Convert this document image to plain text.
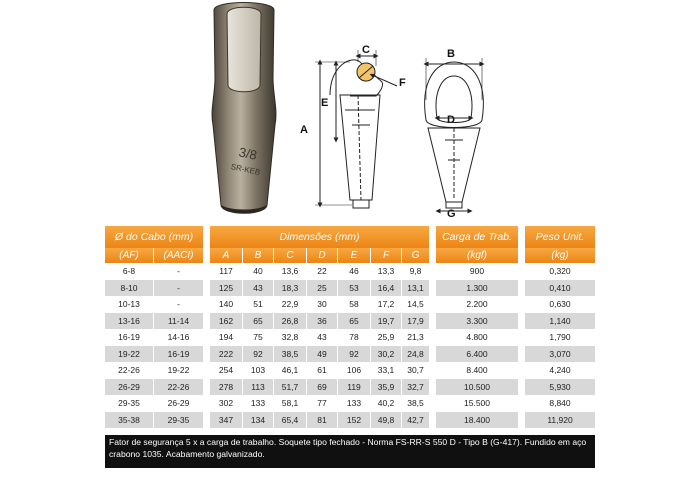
3/8
SR-KEB
A
E
C
F
B
D
G
Ø do Cabo (mm)			Dimensões (mm)								Carga de Trab.		Peso Unit.
(AF)	(AACI)		A	B	C	D	E	F	G		(kgf)		(kg)
6-8	-		117	40	13,6	22	46	13,3	9,8		900		0,320
8-10	-		125	43	18,3	25	53	16,4	13,1		1.300		0,410
10-13	-		140	51	22,9	30	58	17,2	14,5		2.200		0,630
13-16	11-14		162	65	26,8	36	65	19,7	17,9		3.300		1,140
16-19	14-16		194	75	32,8	43	78	25,9	21,3		4.800		1,790
19-22	16-19		222	92	38,5	49	92	30,2	24,8		6.400		3,070
22-26	19-22		254	103	46,1	61	106	33,1	30,7		8.400		4,240
26-29	22-26		278	113	51,7	69	119	35,9	32,7		10.500		5,930
29-35	26-29		302	133	58,1	77	133	40,2	38,5		15.500		8,840
35-38	29-35		347	134	65,4	81	152	49,8	42,7		18.400		11,920
Fator de segurança 5 x a carga de trabalho. Soquete tipo fechado - Norma FS-RR-S 550 D - Tipo B (G-417). Fundido em aço crabono 1035. Acabamento galvanizado.
